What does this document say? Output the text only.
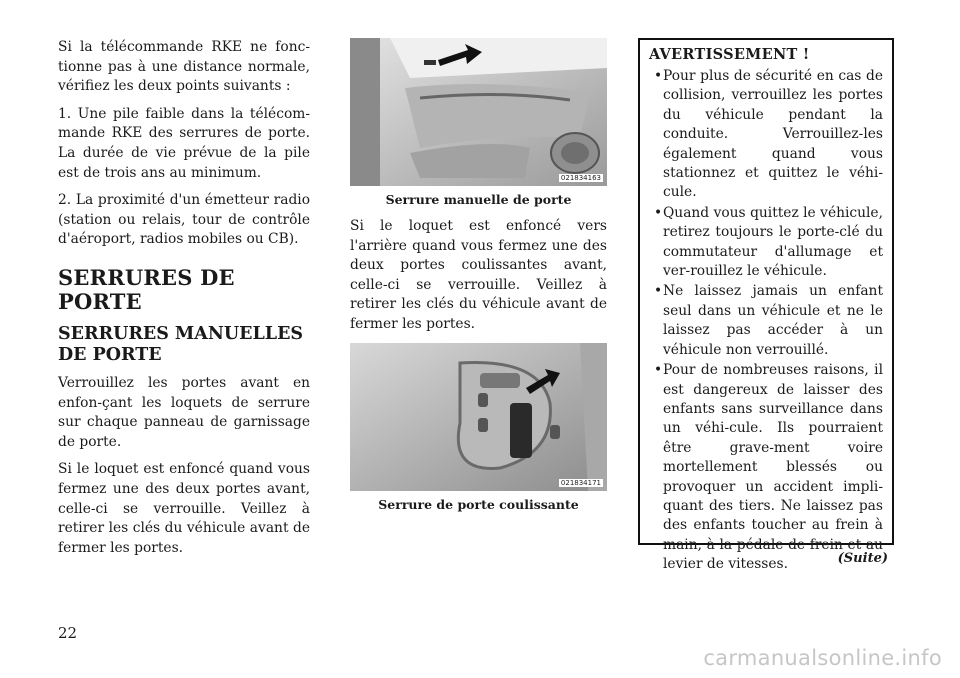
Si la télécommande RKE ne fonc-tionne pas à une distance normale, vérifiez les deux points suivants :

1. Une pile faible dans la télécom-mande RKE des serrures de porte. La durée de vie prévue de la pile est de trois ans au minimum.

2. La proximité d'un émetteur radio (station ou relais, tour de contrôle d'aéroport, radios mobiles ou CB).

SERRURES DE PORTE
SERRURES MANUELLES DE PORTE

Verrouillez les portes avant en enfon-çant les loquets de serrure sur chaque panneau de garnissage de porte.

Si le loquet est enfoncé quand vous fermez une des deux portes avant, celle-ci se verrouille. Veillez à retirer les clés du véhicule avant de fermer les portes.

021834163
Serrure manuelle de porte

Si le loquet est enfoncé vers l'arrière quand vous fermez une des deux portes coulissantes avant, celle-ci se verrouille. Veillez à retirer les clés du véhicule avant de fermer les portes.

021834171
Serrure de porte coulissante
AVERTISSEMENT !
• Pour plus de sécurité en cas de collision, verrouillez les portes du véhicule pendant la conduite. Verrouillez-les également quand vous stationnez et quittez le véhi-cule.
• Quand vous quittez le véhicule, retirez toujours le porte-clé du commutateur d'allumage et ver-rouillez le véhicule.
• Ne laissez jamais un enfant seul dans un véhicule et ne le laissez pas accéder à un véhicule non verrouillé.
• Pour de nombreuses raisons, il est dangereux de laisser des enfants sans surveillance dans un véhi-cule. Ils pourraient être grave-ment voire mortellement blessés ou provoquer un accident impli-quant des tiers. Ne laissez pas des enfants toucher au frein à main, à la pédale de frein et au levier de vitesses.	(Suite)
22
carmanualsonline.info
